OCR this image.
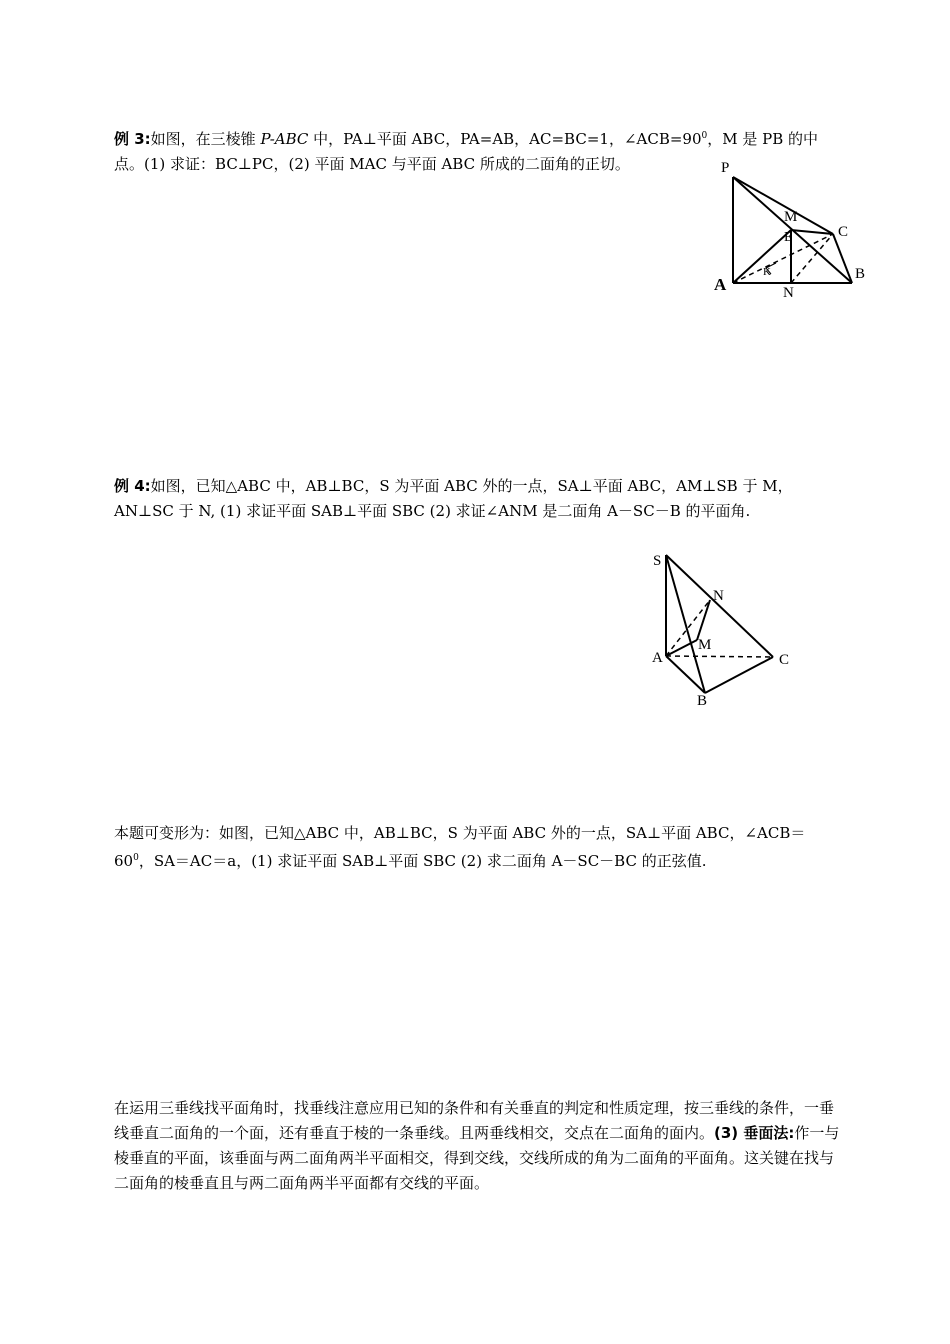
例 3:如图，在三棱锥 P-ABC 中，PA⊥平面 ABC，PA=AB，AC=BC=1，$\angle ACB=90^0$，M 是 PB 的中点。(1) 求证：BC⊥PC，(2) 平面 MAC 与平面 ABC 所成的二面角的正切。	P
M
E	C
K
A	N
B
例 4:如图，已知△ABC 中，AB⊥BC，S 为平面 ABC 外的一点，SA⊥平面 ABC，AM⊥SB 于 M，AN⊥SC 于 N, (1) 求证平面 SAB⊥平面 SBC (2) 求证∠ANM 是二面角 A－SC－B 的平面角.
S
N
M
A	C
B
本题可变形为：如图，已知△ABC 中，AB⊥BC，S 为平面 ABC 外的一点，SA⊥平面 ABC，$\angle ACB=60^0$，SA＝AC＝a，(1) 求证平面 SAB⊥平面 SBC (2) 求二面角 A－SC－BC 的正弦值.
在运用三垂线找平面角时，找垂线注意应用已知的条件和有关垂直的判定和性质定理，按三垂线的条件，一垂线垂直二面角的一个面，还有垂直于棱的一条垂线。且两垂线相交，交点在二面角的面内。(3) 垂面法:作一与棱垂直的平面，该垂面与两二面角两半平面相交，得到交线，交线所成的角为二面角的平面角。这关键在找与二面角的棱垂直且与两二面角两半平面都有交线的平面。
